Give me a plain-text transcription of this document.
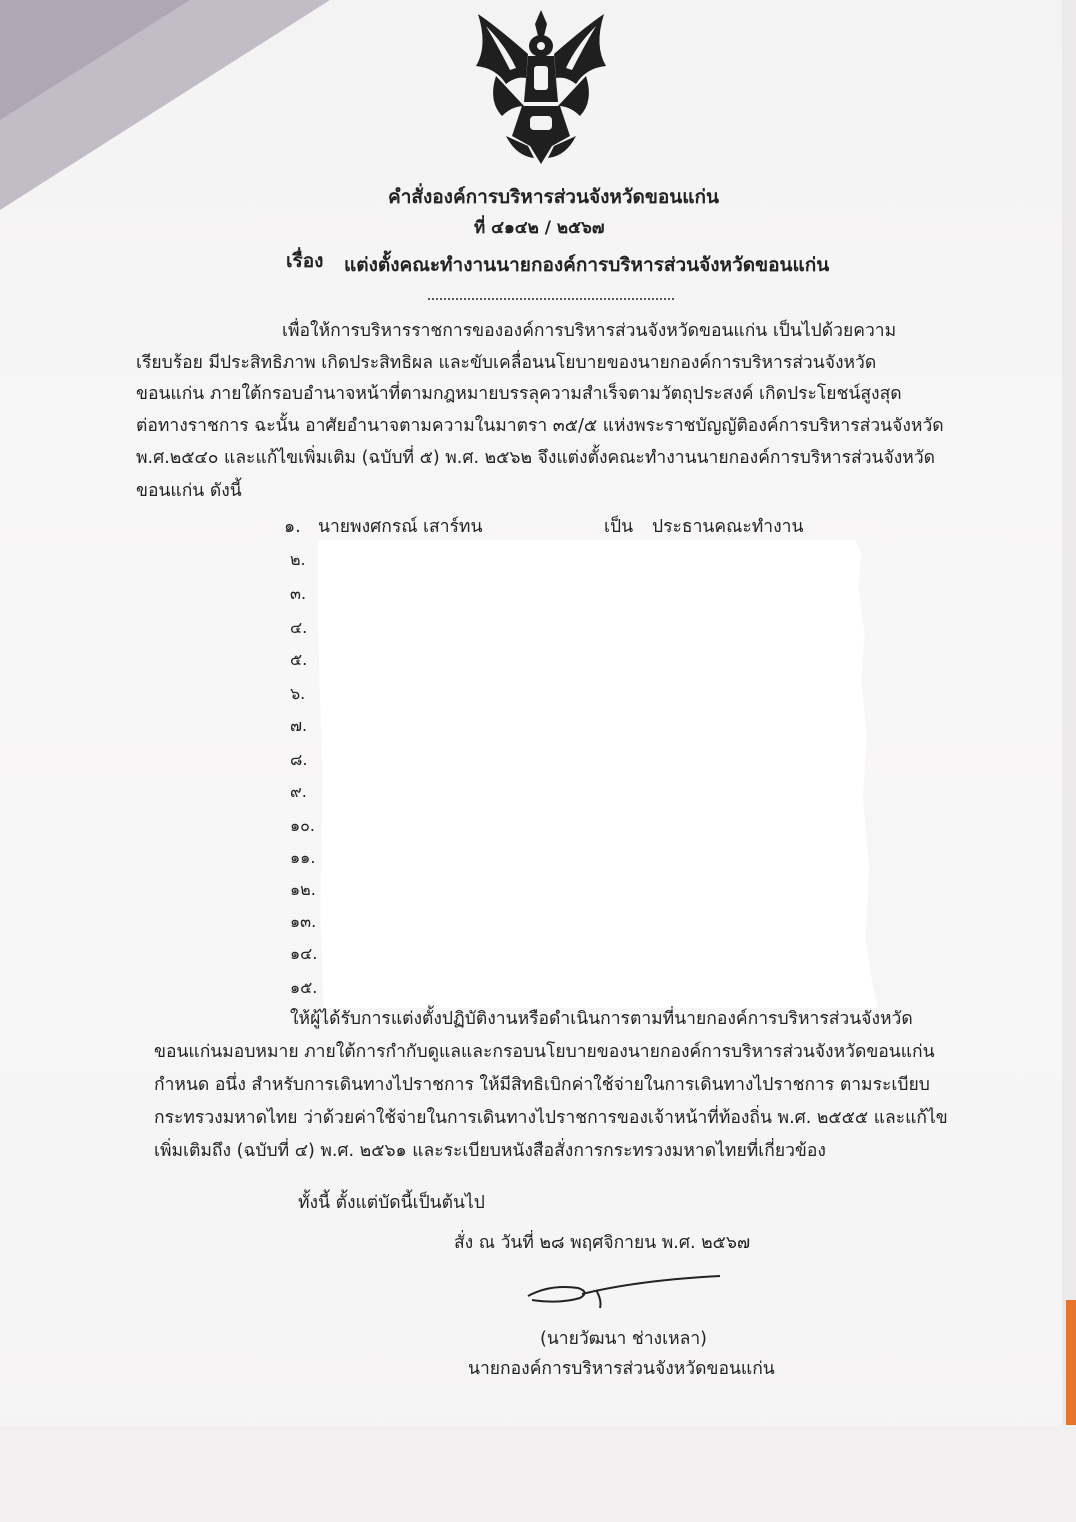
คำสั่งองค์การบริหารส่วนจังหวัดขอนแก่น
ที่ ๔๑๔๒ / ๒๕๖๗
เรื่อง แต่งตั้งคณะทำงานนายกองค์การบริหารส่วนจังหวัดขอนแก่น
เพื่อให้การบริหารราชการขององค์การบริหารส่วนจังหวัดขอนแก่น เป็นไปด้วยความ
เรียบร้อย มีประสิทธิภาพ เกิดประสิทธิผล และขับเคลื่อนนโยบายของนายกองค์การบริหารส่วนจังหวัด
ขอนแก่น ภายใต้กรอบอำนาจหน้าที่ตามกฎหมายบรรลุความสำเร็จตามวัตถุประสงค์ เกิดประโยชน์สูงสุด
ต่อทางราชการ ฉะนั้น อาศัยอำนาจตามความในมาตรา ๓๕/๕ แห่งพระราชบัญญัติองค์การบริหารส่วนจังหวัด
พ.ศ.๒๕๔๐ และแก้ไขเพิ่มเติม (ฉบับที่ ๕) พ.ศ. ๒๕๖๒ จึงแต่งตั้งคณะทำงานนายกองค์การบริหารส่วนจังหวัด
ขอนแก่น ดังนี้
๑. นายพงศกรณ์ เสาร์ทน	เป็น ประธานคณะทำงาน
๒.
๓.
๔.
๕.
๖.
๗.
๘.
๙.
๑๐.
๑๑.
๑๒.
๑๓.
๑๔.
๑๕.
ให้ผู้ได้รับการแต่งตั้งปฏิบัติงานหรือดำเนินการตามที่นายกองค์การบริหารส่วนจังหวัด
ขอนแก่นมอบหมาย ภายใต้การกำกับดูแลและกรอบนโยบายของนายกองค์การบริหารส่วนจังหวัดขอนแก่น
กำหนด อนึ่ง สำหรับการเดินทางไปราชการ ให้มีสิทธิเบิกค่าใช้จ่ายในการเดินทางไปราชการ ตามระเบียบ
กระทรวงมหาดไทย ว่าด้วยค่าใช้จ่ายในการเดินทางไปราชการของเจ้าหน้าที่ท้องถิ่น พ.ศ. ๒๕๕๕ และแก้ไข
เพิ่มเติมถึง (ฉบับที่ ๔) พ.ศ. ๒๕๖๑ และระเบียบหนังสือสั่งการกระทรวงมหาดไทยที่เกี่ยวข้อง
ทั้งนี้ ตั้งแต่บัดนี้เป็นต้นไป
สั่ง ณ วันที่ ๒๘ พฤศจิกายน พ.ศ. ๒๕๖๗
(นายวัฒนา ช่างเหลา)
นายกองค์การบริหารส่วนจังหวัดขอนแก่น
